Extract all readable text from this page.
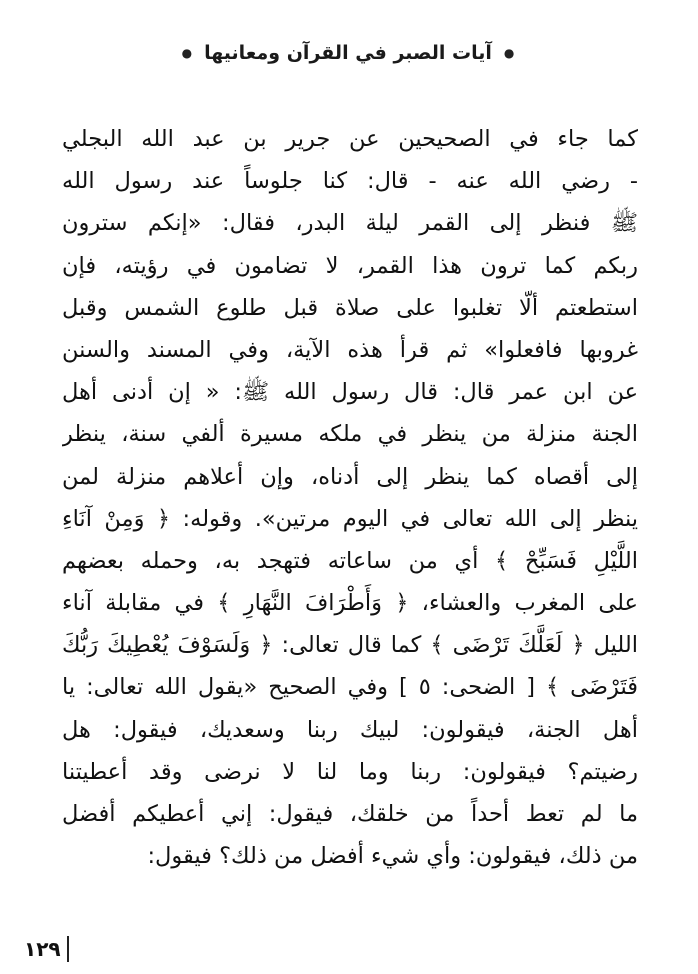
●
آيات الصبر في القرآن ومعانيها
●
كما جاء في الصحيحين عن جرير بن عبد الله البجلي
- رضي الله عنه - قال: كنا جلوساً عند رسول الله
ﷺ فنظر إلى القمر ليلة البدر، فقال: «إنكم سترون
ربكم كما ترون هذا القمر، لا تضامون في رؤيته، فإن
استطعتم ألّا تغلبوا على صلاة قبل طلوع الشمس وقبل
غروبها فافعلوا» ثم قرأ هذه الآية، وفي المسند والسنن
عن ابن عمر قال: قال رسول الله ﷺ: « إن أدنى أهل
الجنة منزلة من ينظر في ملكه مسيرة ألفي سنة، ينظر
إلى أقصاه كما ينظر إلى أدناه، وإن أعلاهم منزلة لمن
ينظر إلى الله تعالى في اليوم مرتين». وقوله: ﴿ وَمِنْ آنَاءِ
اللَّيْلِ فَسَبِّحْ ﴾ أي من ساعاته فتهجد به، وحمله بعضهم
على المغرب والعشاء، ﴿ وَأَطْرَافَ النَّهَارِ ﴾ في مقابلة آناء
الليل ﴿ لَعَلَّكَ تَرْضَى ﴾ كما قال تعالى: ﴿ وَلَسَوْفَ يُعْطِيكَ رَبُّكَ
فَتَرْضَى ﴾ [ الضحى: ٥ ] وفي الصحيح «يقول الله تعالى: يا
أهل الجنة، فيقولون: لبيك ربنا وسعديك، فيقول: هل
رضيتم؟ فيقولون: ربنا وما لنا لا نرضى وقد أعطيتنا
ما لم تعط أحداً من خلقك، فيقول: إني أعطيكم أفضل
من ذلك، فيقولون: وأي شيء أفضل من ذلك؟ فيقول:
١٢٩
